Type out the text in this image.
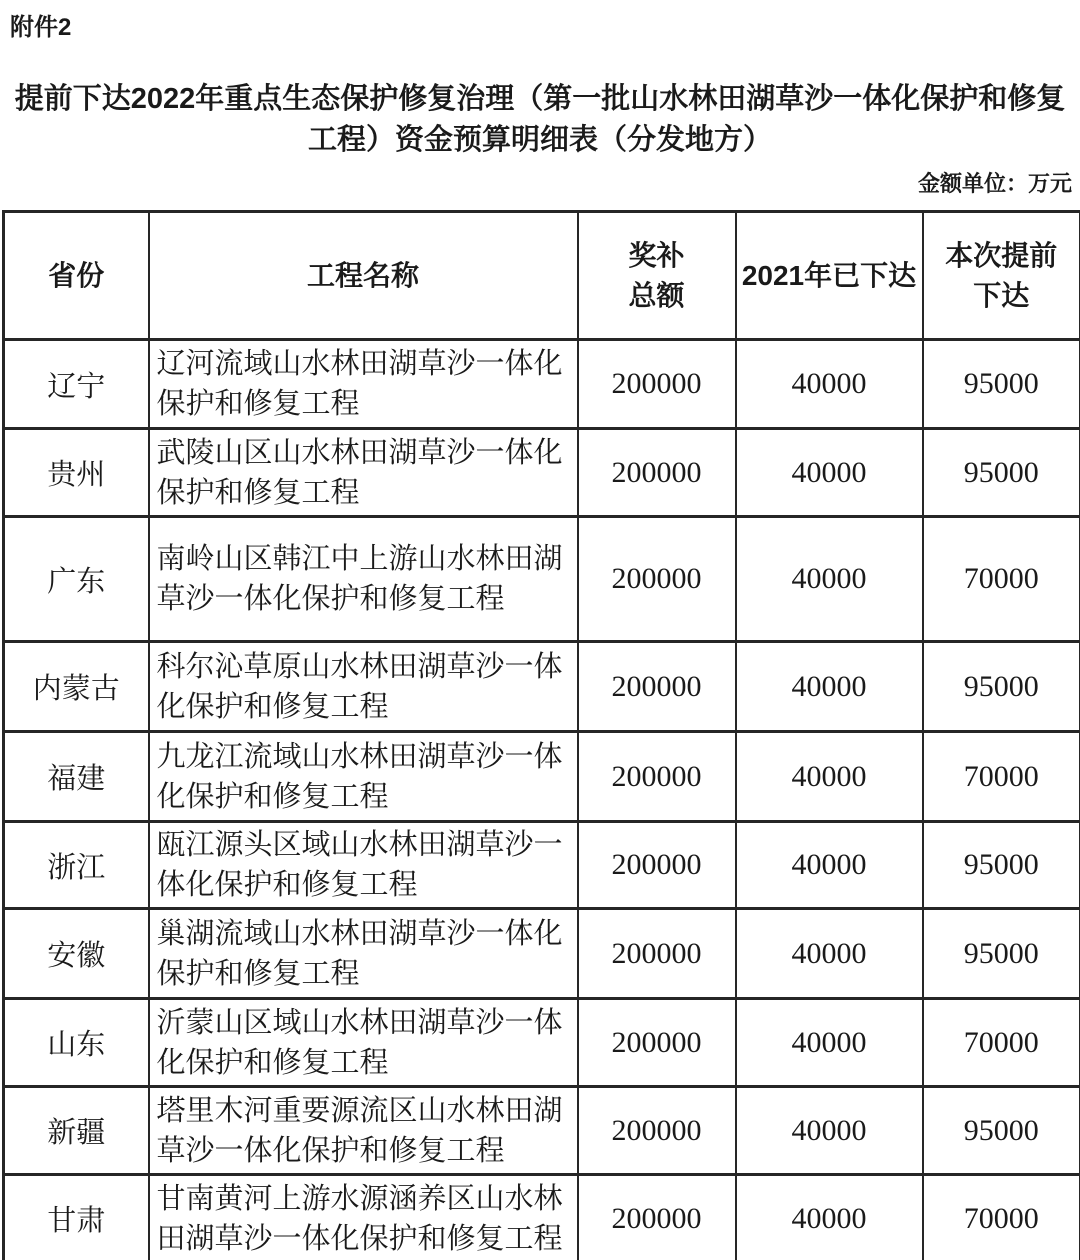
附件2
提前下达2022年重点生态保护修复治理（第一批山水林田湖草沙一体化保护和修复工程）资金预算明细表（分发地方）
金额单位：万元
省份	工程名称	奖补总额	2021年已下达	本次提前下达
辽宁	辽河流域山水林田湖草沙一体化保护和修复工程	200000	40000	95000
贵州	武陵山区山水林田湖草沙一体化保护和修复工程	200000	40000	95000
广东	南岭山区韩江中上游山水林田湖草沙一体化保护和修复工程	200000	40000	70000
内蒙古	科尔沁草原山水林田湖草沙一体化保护和修复工程	200000	40000	95000
福建	九龙江流域山水林田湖草沙一体化保护和修复工程	200000	40000	70000
浙江	瓯江源头区域山水林田湖草沙一体化保护和修复工程	200000	40000	95000
安徽	巢湖流域山水林田湖草沙一体化保护和修复工程	200000	40000	95000
山东	沂蒙山区域山水林田湖草沙一体化保护和修复工程	200000	40000	70000
新疆	塔里木河重要源流区山水林田湖草沙一体化保护和修复工程	200000	40000	95000
甘肃	甘南黄河上游水源涵养区山水林田湖草沙一体化保护和修复工程	200000	40000	70000
